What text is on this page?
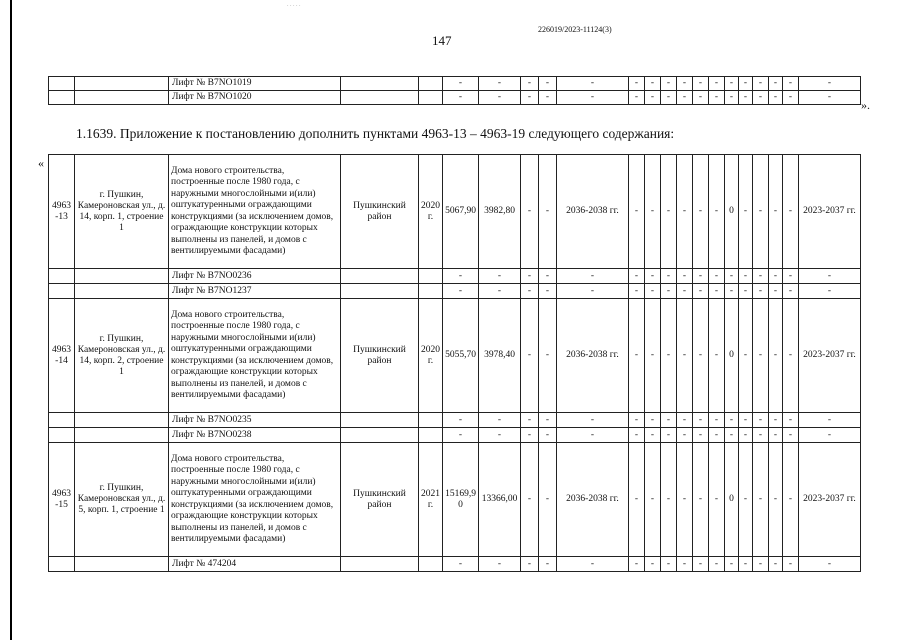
. . . . .
226019/2023-11124(3)
147
		Лифт № В7NO1019			-	-	-	-	-	-	-	-	-	-	-	-	-	-	-	-	-
		Лифт № В7NO1020			-	-	-	-	-	-	-	-	-	-	-	-	-	-	-	-	-
».
1.1639. Приложение к постановлению дополнить пунктами 4963-13 – 4963-19 следующего содержания:
«
4963 -13	г. Пушкин, Камероновская ул., д. 14, корп. 1, строение 1	Дома нового строительства, построенные после 1980 года, с наружными многослойными и(или) оштукатуренными ограждающими конструкциями (за исключением домов, ограждающие конструкции которых выполнены из панелей, и домов с вентилируемыми фасадами)	Пушкинский район	2020 г.	5067,90	3982,80	-	-	2036-2038 гг.	-	-	-	-	-	-	0	-	-	-	-	2023-2037 гг.
		Лифт № В7NO0236			-	-	-	-	-	-	-	-	-	-	-	-	-	-	-	-	-
		Лифт № В7NO1237			-	-	-	-	-	-	-	-	-	-	-	-	-	-	-	-	-
4963 -14	г. Пушкин, Камероновская ул., д. 14, корп. 2, строение 1	Дома нового строительства, построенные после 1980 года, с наружными многослойными и(или) оштукатуренными ограждающими конструкциями (за исключением домов, ограждающие конструкции которых выполнены из панелей, и домов с вентилируемыми фасадами)	Пушкинский район	2020 г.	5055,70	3978,40	-	-	2036-2038 гг.	-	-	-	-	-	-	0	-	-	-	-	2023-2037 гг.
		Лифт № В7NO0235			-	-	-	-	-	-	-	-	-	-	-	-	-	-	-	-	-
		Лифт № В7NO0238			-	-	-	-	-	-	-	-	-	-	-	-	-	-	-	-	-
4963 -15	г. Пушкин, Камероновская ул., д. 5, корп. 1, строение 1	Дома нового строительства, построенные после 1980 года, с наружными многослойными и(или) оштукатуренными ограждающими конструкциями (за исключением домов, ограждающие конструкции которых выполнены из панелей, и домов с вентилируемыми фасадами)	Пушкинский район	2021 г.	15169,9 0	13366,00	-	-	2036-2038 гг.	-	-	-	-	-	-	0	-	-	-	-	2023-2037 гг.
		Лифт № 474204			-	-	-	-	-	-	-	-	-	-	-	-	-	-	-	-	-
